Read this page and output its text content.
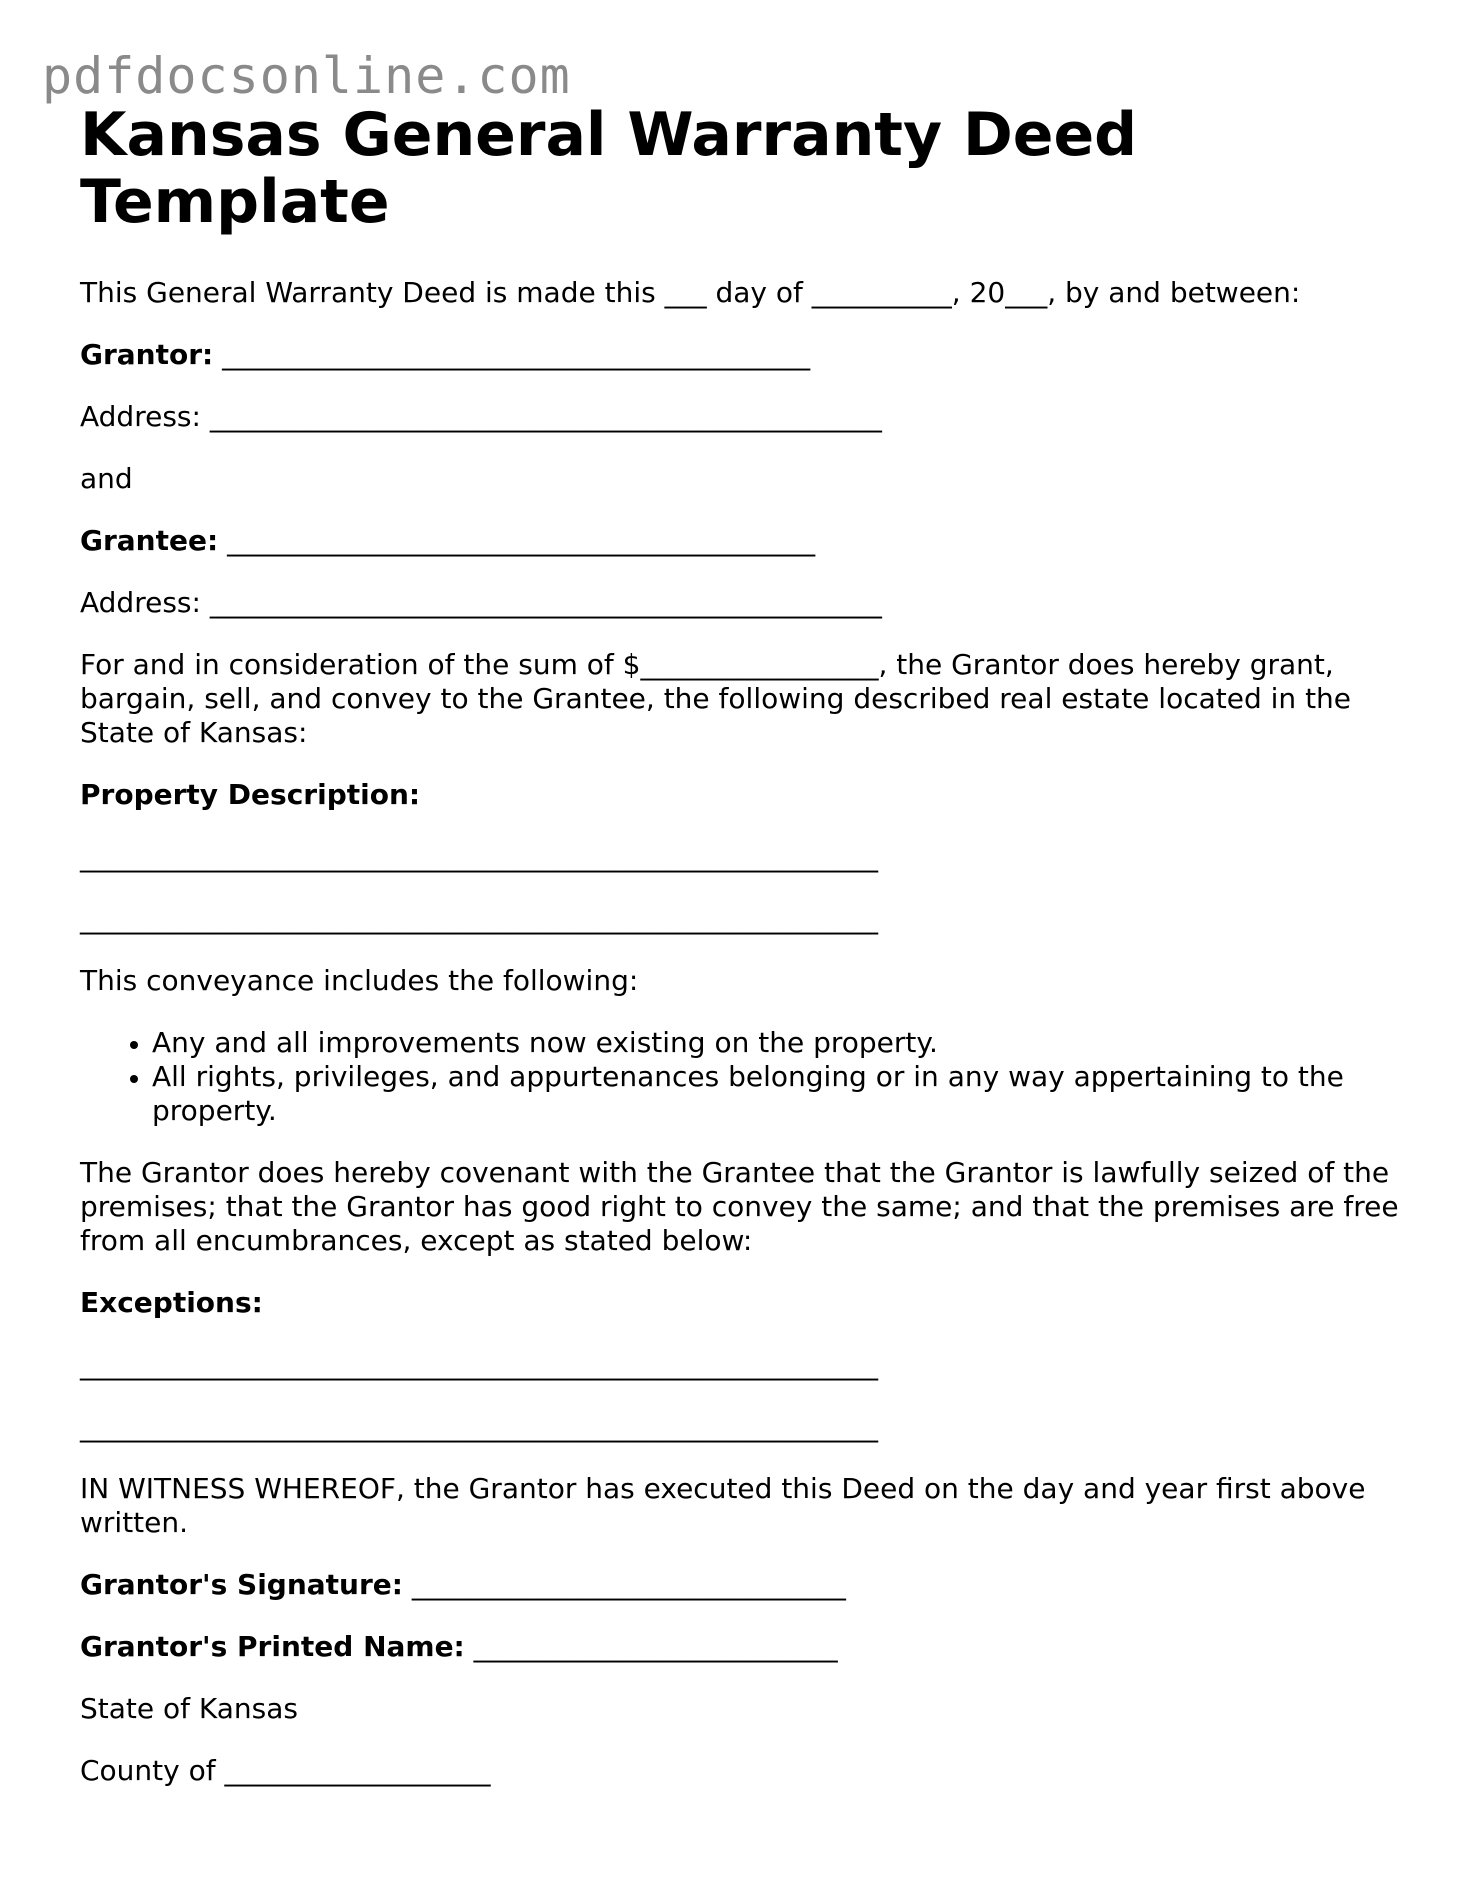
pdfdocsonline.com
Kansas General Warranty Deed Template

This General Warranty Deed is made this ___ day of __________, 20___, by and between:

Grantor: __________________________________________

Address: ________________________________________________

and

Grantee: __________________________________________

Address: ________________________________________________

For and in consideration of the sum of $_________________, the Grantor does hereby grant, bargain, sell, and convey to the Grantee, the following described real estate located in the State of Kansas:

Property Description:

_________________________________________________________

_________________________________________________________

This conveyance includes the following:

• Any and all improvements now existing on the property.
• All rights, privileges, and appurtenances belonging or in any way appertaining to the property.

The Grantor does hereby covenant with the Grantee that the Grantor is lawfully seized of the premises; that the Grantor has good right to convey the same; and that the premises are free from all encumbrances, except as stated below:

Exceptions:

_________________________________________________________

_________________________________________________________

IN WITNESS WHEREOF, the Grantor has executed this Deed on the day and year first above written.

Grantor's Signature: _______________________________

Grantor's Printed Name: __________________________

State of Kansas

County of ___________________
